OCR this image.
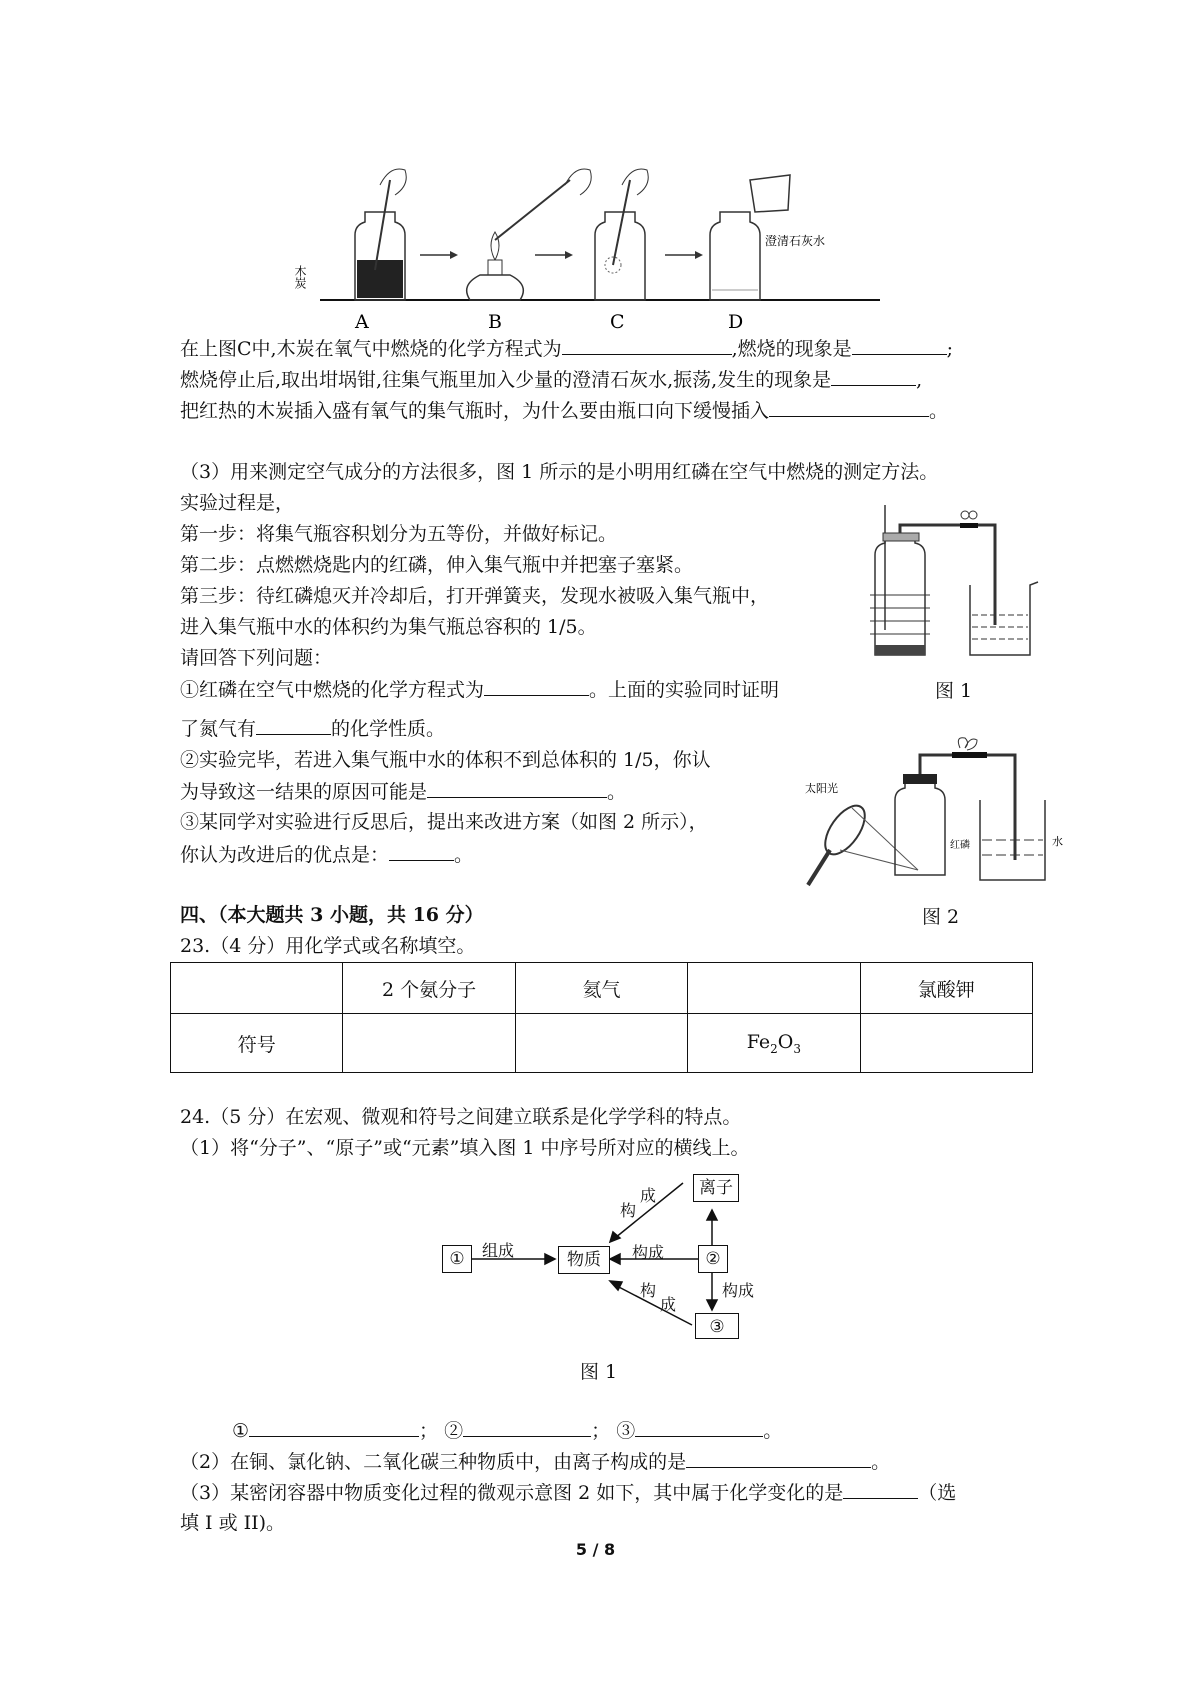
木炭
澄清石灰水
A	B	C	D
在上图C中,木炭在氧气中燃烧的化学方程式为	,燃烧的现象是	;
燃烧停止后,取出坩埚钳,往集气瓶里加入少量的澄清石灰水,振荡,发生的现象是	,
把红热的木炭插入盛有氧气的集气瓶时，为什么要由瓶口向下缓慢插入	。
（3）用来测定空气成分的方法很多，图 1 所示的是小明用红磷在空气中燃烧的测定方法。
实验过程是，
第一步：将集气瓶容积划分为五等份，并做好标记。
第二步：点燃燃烧匙内的红磷，伸入集气瓶中并把塞子塞紧。
第三步：待红磷熄灭并冷却后，打开弹簧夹，发现水被吸入集气瓶中，
进入集气瓶中水的体积约为集气瓶总容积的 1/5。
请回答下列问题：
①红磷在空气中燃烧的化学方程式为	。上面的实验同时证明
了氮气有	的化学性质。
②实验完毕，若进入集气瓶中水的体积不到总体积的 1/5，你认
为导致这一结果的原因可能是	。
③某同学对实验进行反思后，提出来改进方案（如图 2 所示），
你认为改进后的优点是：	。
图 1
太阳光
红磷	水
图 2
四、（本大题共 3 小题，共 16 分）
23.（4 分）用化学式或名称填空。
	2 个氨分子	氦气		氯酸钾
符号			$Fe_2O_3$	
24.（5 分）在宏观、微观和符号之间建立联系是化学学科的特点。
（1）将“分子”、“原子”或“元素”填入图 1 中序号所对应的横线上。
①	物质
离子
②
③
组成	构成
构成
构
成
构
成
图 1
①	； ②	； ③	。
（2）在铜、氯化钠、二氧化碳三种物质中，由离子构成的是	。
（3）某密闭容器中物质变化过程的微观示意图 2 如下，其中属于化学变化的是	（选
填 I 或 II)。
5 / 8
